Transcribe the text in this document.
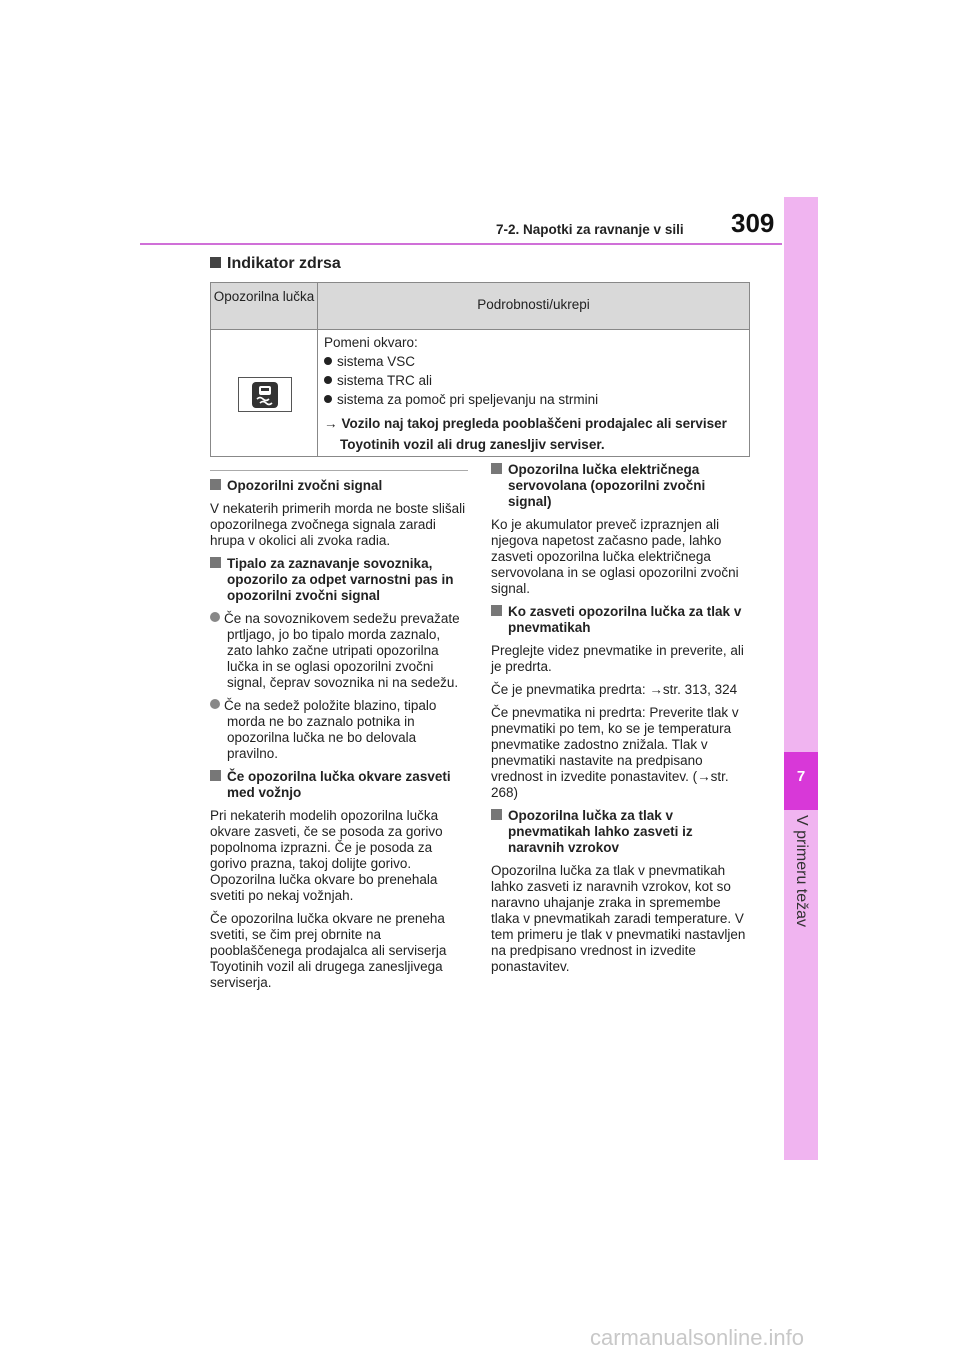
7
V primeru težav
7-2. Napotki za ravnanje v sili 309
Indikator zdrsa
Opozorilna lučka
Podrobnosti/ukrepi
Pomeni okvaro:
sistema VSC
sistema TRC ali
sistema za pomoč pri speljevanju na strmini
→ Vozilo naj takoj pregleda pooblaščeni prodajalec ali serviser Toyotinih vozil ali drug zanesljiv serviser.
Opozorilni zvočni signal

V nekaterih primerih morda ne boste slišali opozorilnega zvočnega signala zaradi hrupa v okolici ali zvoka radia.

Tipalo za zaznavanje sovoznika, opozorilo za odpet varnostni pas in opozorilni zvočni signal
Če na sovoznikovem sedežu prevažate prtljago, jo bo tipalo morda zaznalo, zato lahko začne utripati opozorilna lučka in se oglasi opozorilni zvočni signal, čeprav sovoznika ni na sedežu.
Če na sedež položite blazino, tipalo morda ne bo zaznalo potnika in opozorilna lučka ne bo delovala pravilno.
Če opozorilna lučka okvare zasveti med vožnjo

Pri nekaterih modelih opozorilna lučka okvare zasveti, če se posoda za gorivo popolnoma izprazni. Če je posoda za gorivo prazna, takoj dolijte gorivo. Opozorilna lučka okvare bo prenehala svetiti po nekaj vožnjah.

Če opozorilna lučka okvare ne preneha svetiti, se čim prej obrnite na pooblaščenega prodajalca ali serviserja Toyotinih vozil ali drugega zanesljivega serviserja.

Opozorilna lučka električnega servovolana (opozorilni zvočni signal)

Ko je akumulator preveč izpraznjen ali njegova napetost začasno pade, lahko zasveti opozorilna lučka električnega servovolana in se oglasi opozorilni zvočni signal.

Ko zasveti opozorilna lučka za tlak v pnevmatikah

Preglejte videz pnevmatike in preverite, ali je predrta.

Če je pnevmatika predrta: →str. 313, 324

Če pnevmatika ni predrta: Preverite tlak v pnevmatiki po tem, ko se je temperatura pnevmatike zadostno znižala. Tlak v pnevmatiki nastavite na predpisano vrednost in izvedite ponastavitev. (→str. 268)

Opozorilna lučka za tlak v pnevmatikah lahko zasveti iz naravnih vzrokov

Opozorilna lučka za tlak v pnevmatikah lahko zasveti iz naravnih vzrokov, kot so naravno uhajanje zraka in spremembe tlaka v pnevmatikah zaradi temperature. V tem primeru je tlak v pnevmatiki nastavljen na predpisano vrednost in izvedite ponastavitev.

carmanualsonline.info
